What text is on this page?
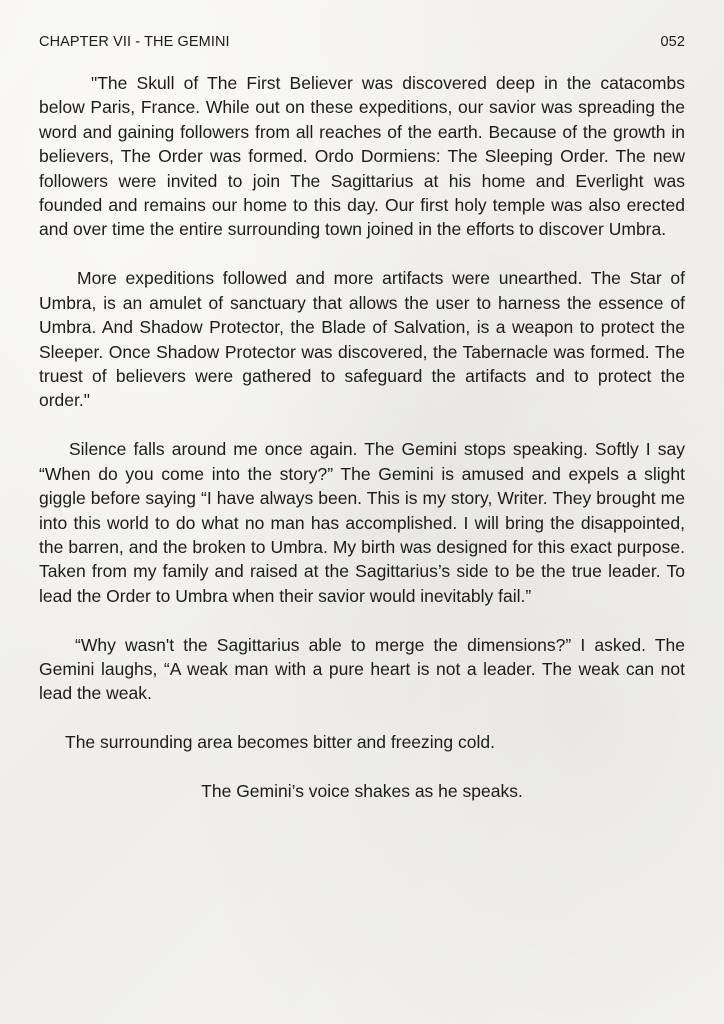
CHAPTER VII - THE GEMINI	052

"The Skull of The First Believer was discovered deep in the catacombs below Paris, France. While out on these expeditions, our savior was spreading the word and gaining followers from all reaches of the earth. Because of the growth in believers, The Order was formed. Ordo Dormiens: The Sleeping Order. The new followers were invited to join The Sagittarius at his home and Everlight was founded and remains our home to this day. Our first holy temple was also erected and over time the entire surrounding town joined in the efforts to discover Umbra.

More expeditions followed and more artifacts were unearthed. The Star of Umbra, is an amulet of sanctuary that allows the user to harness the essence of Umbra. And Shadow Protector, the Blade of Salvation, is a weapon to protect the Sleeper. Once Shadow Protector was discovered, the Tabernacle was formed. The truest of believers were gathered to safeguard the artifacts and to protect the order."

Silence falls around me once again. The Gemini stops speaking. Softly I say “When do you come into the story?” The Gemini is amused and expels a slight giggle before saying “I have always been. This is my story, Writer. They brought me into this world to do what no man has accomplished. I will bring the disappointed, the barren, and the broken to Umbra. My birth was designed for this exact purpose. Taken from my family and raised at the Sagittarius’s side to be the true leader. To lead the Order to Umbra when their savior would inevitably fail.”

“Why wasn't the Sagittarius able to merge the dimensions?” I asked. The Gemini laughs, “A weak man with a pure heart is not a leader. The weak can not lead the weak.

The surrounding area becomes bitter and freezing cold.

The Gemini’s voice shakes as he speaks.
